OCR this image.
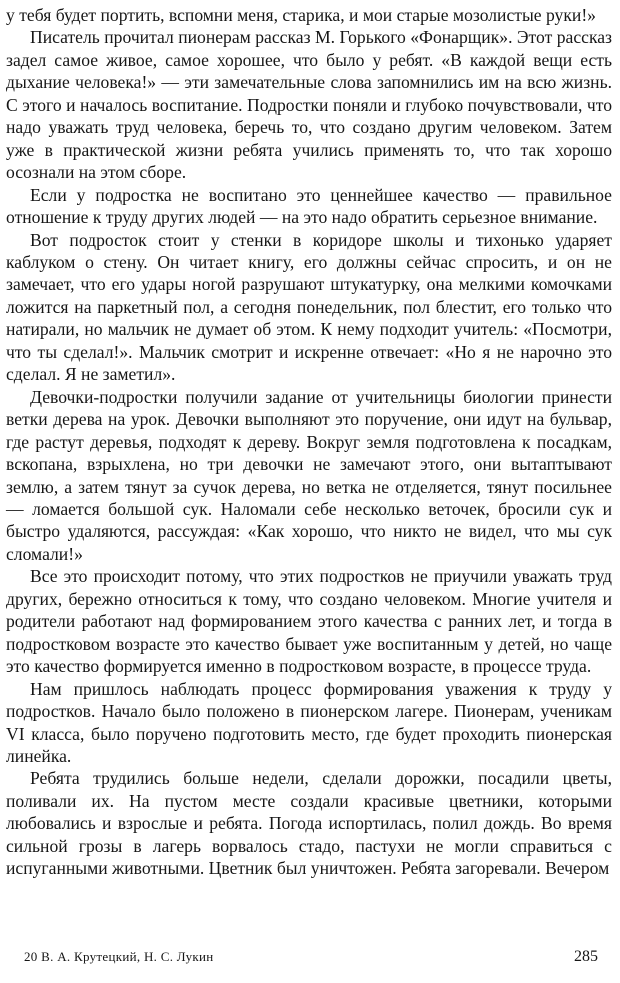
у тебя будет портить, вспомни меня, старика, и мои старые мозолистые руки!»

Писатель прочитал пионерам рассказ М. Горького «Фонарщик». Этот рассказ задел самое живое, самое хорошее, что было у ребят. «В каждой вещи есть дыхание человека!» — эти замечательные слова запомнились им на всю жизнь. С этого и началось воспитание. Подростки поняли и глубоко почувствовали, что надо уважать труд человека, беречь то, что создано другим человеком. Затем уже в практической жизни ребята учились применять то, что так хорошо осознали на этом сборе.

Если у подростка не воспитано это ценнейшее качество — правильное отношение к труду других людей — на это надо обратить серьезное внимание.

Вот подросток стоит у стенки в коридоре школы и тихонько ударяет каблуком о стену. Он читает книгу, его должны сейчас спросить, и он не замечает, что его удары ногой разрушают штукатурку, она мелкими комочками ложится на паркетный пол, а сегодня понедельник, пол блестит, его только что натирали, но мальчик не думает об этом. К нему подходит учитель: «Посмотри, что ты сделал!». Мальчик смотрит и искренне отвечает: «Но я не нарочно это сделал. Я не заметил».

Девочки-подростки получили задание от учительницы биологии принести ветки дерева на урок. Девочки выполняют это поручение, они идут на бульвар, где растут деревья, подходят к дереву. Вокруг земля подготовлена к посадкам, вскопана, взрыхлена, но три девочки не замечают этого, они вытаптывают землю, а затем тянут за сучок дерева, но ветка не отделяется, тянут посильнее — ломается большой сук. Наломали себе несколько веточек, бросили сук и быстро удаляются, рассуждая: «Как хорошо, что никто не видел, что мы сук сломали!»

Все это происходит потому, что этих подростков не приучили уважать труд других, бережно относиться к тому, что создано человеком. Многие учителя и родители работают над формированием этого качества с ранних лет, и тогда в подростковом возрасте это качество бывает уже воспитанным у детей, но чаще это качество формируется именно в подростковом возрасте, в процессе труда.

Нам пришлось наблюдать процесс формирования уважения к труду у подростков. Начало было положено в пионерском лагере. Пионерам, ученикам VI класса, было поручено подготовить место, где будет проходить пионерская линейка.

Ребята трудились больше недели, сделали дорожки, посадили цветы, поливали их. На пустом месте создали красивые цветники, которыми любовались и взрослые и ребята. Погода испортилась, полил дождь. Во время сильной грозы в лагерь ворвалось стадо, пастухи не могли справиться с испуганными животными. Цветник был уничтожен. Ребята загоревали. Вечером

20 В. А. Крутецкий, Н. С. Лукин	285
